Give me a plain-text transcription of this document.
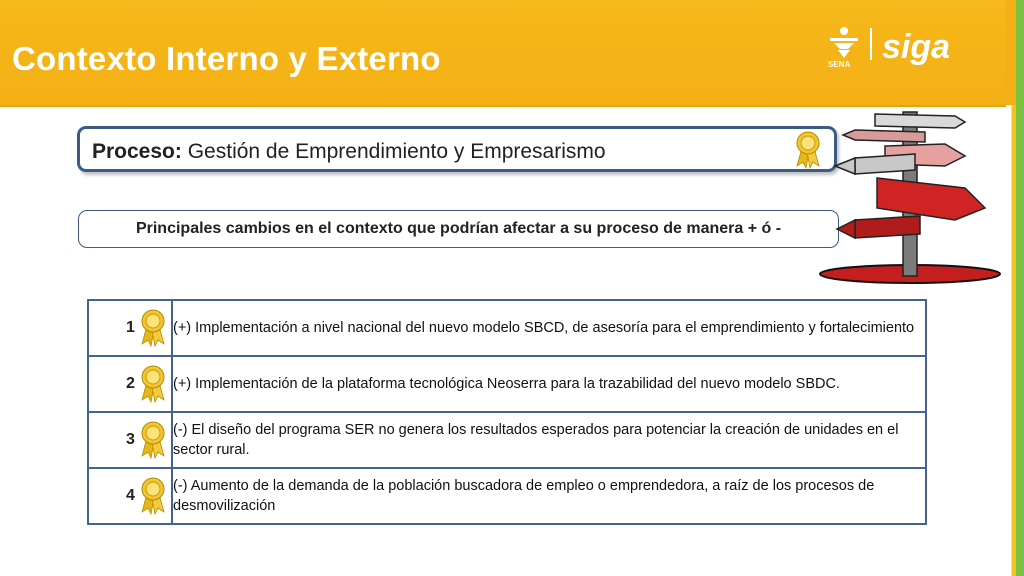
Contexto Interno y Externo	SENA siga
Proceso: Gestión de Emprendimiento y Empresarismo
Principales cambios en el contexto que podrían afectar a su proceso de manera + ó -
1	(+) Implementación a nivel nacional del nuevo modelo SBCD, de asesoría para el emprendimiento y fortalecimiento

2	(+) Implementación de la plataforma tecnológica Neoserra para la trazabilidad del nuevo modelo SBDC.

3	(-) El diseño del programa SER no genera los resultados esperados para potenciar la creación de unidades en el sector rural.

4	(-) Aumento de la demanda de la población buscadora de empleo o emprendedora, a raíz de los procesos de desmovilización
